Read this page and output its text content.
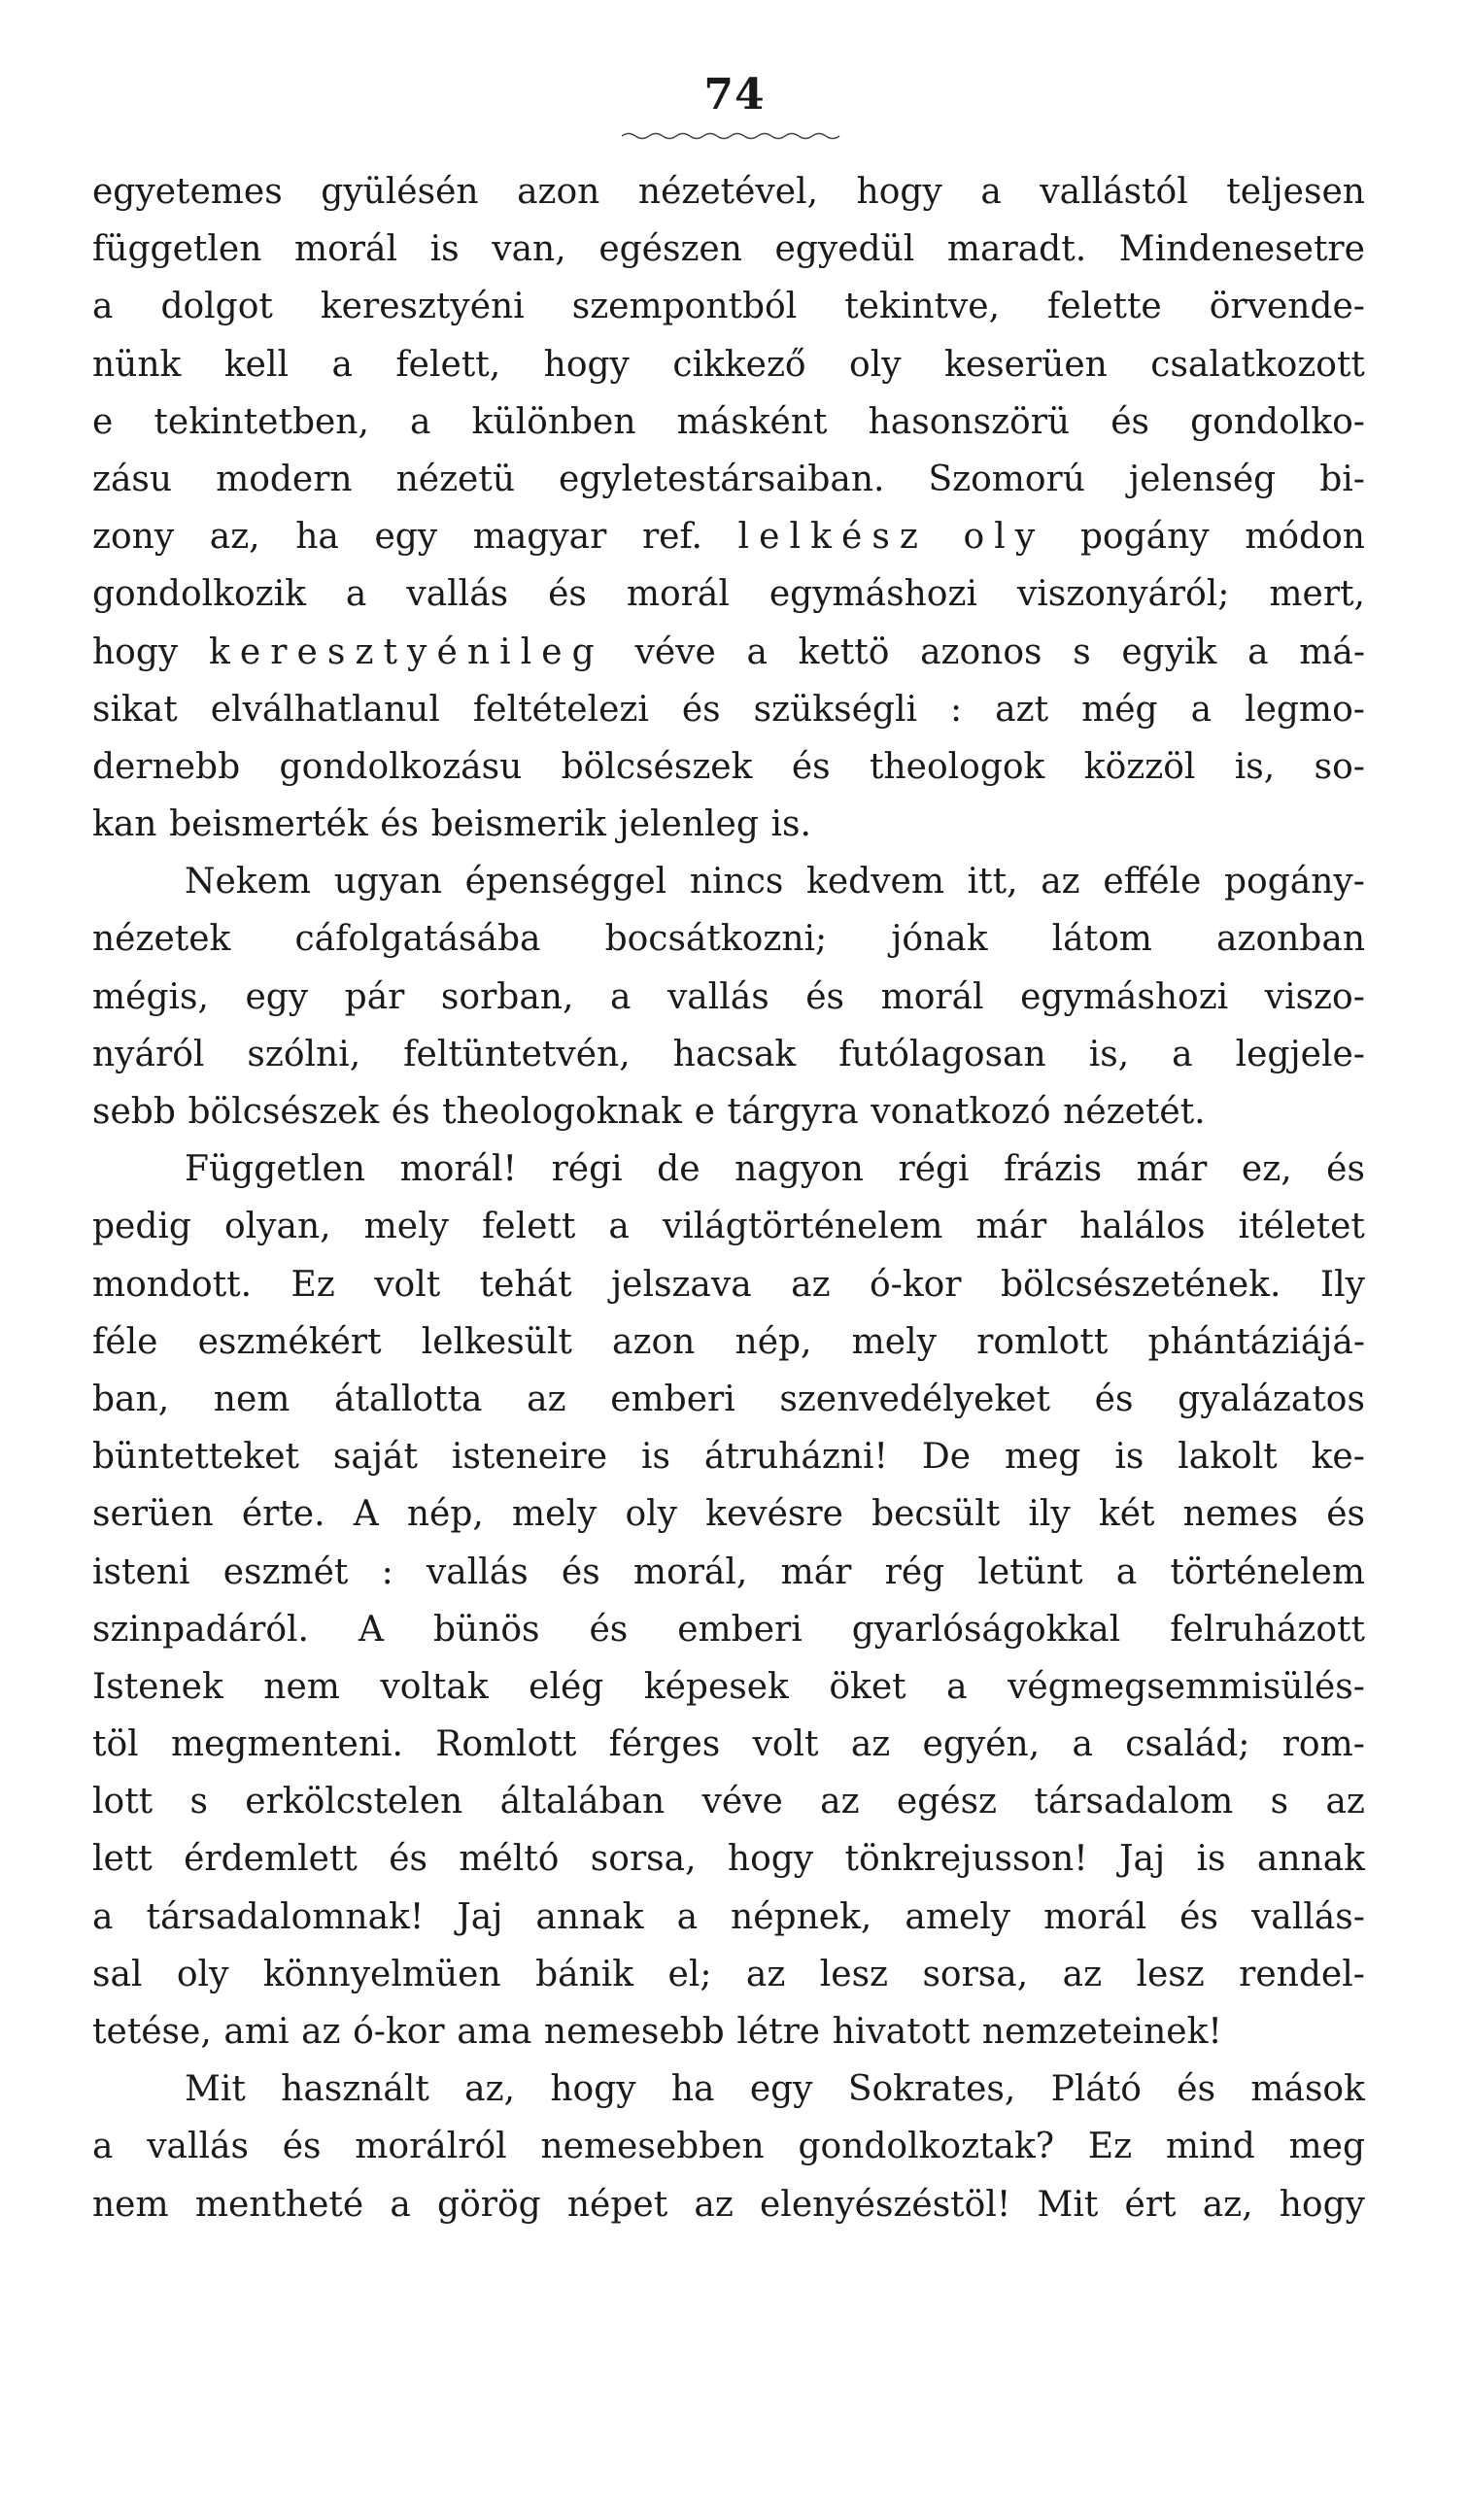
74
egyetemes gyülésén azon nézetével, hogy a vallástól teljesen
független morál is van, egészen egyedül maradt. Mindenesetre
a dolgot keresztyéni szempontból tekintve, felette örvende-
nünk kell a felett, hogy cikkező oly keserüen csalatkozott
e tekintetben, a különben másként hasonszörü és gondolko-
zásu modern nézetü egyletestársaiban. Szomorú jelenség bi-
zony az, ha egy magyar ref. lelkész oly pogány módon
gondolkozik a vallás és morál egymáshozi viszonyáról; mert,
hogy keresztyénileg véve a kettö azonos s egyik a má-
sikat elválhatlanul feltételezi és szükségli : azt még a legmo-
dernebb gondolkozásu bölcsészek és theologok közzöl is, so-
kan beismerték és beismerik jelenleg is.
Nekem ugyan épenséggel nincs kedvem itt, az efféle pogány-
nézetek cáfolgatásába bocsátkozni; jónak látom azonban
mégis, egy pár sorban, a vallás és morál egymáshozi viszo-
nyáról szólni, feltüntetvén, hacsak futólagosan is, a legjele-
sebb bölcsészek és theologoknak e tárgyra vonatkozó nézetét.
Független morál! régi de nagyon régi frázis már ez, és
pedig olyan, mely felett a világtörténelem már halálos itéletet
mondott. Ez volt tehát jelszava az ó-kor bölcsészetének. Ily
féle eszmékért lelkesült azon nép, mely romlott phántáziájá-
ban, nem átallotta az emberi szenvedélyeket és gyalázatos
büntetteket saját isteneire is átruházni! De meg is lakolt ke-
serüen érte. A nép, mely oly kevésre becsült ily két nemes és
isteni eszmét : vallás és morál, már rég letünt a történelem
szinpadáról. A bünös és emberi gyarlóságokkal felruházott
Istenek nem voltak elég képesek öket a végmegsemmisülés-
töl megmenteni. Romlott férges volt az egyén, a család; rom-
lott s erkölcstelen általában véve az egész társadalom s az
lett érdemlett és méltó sorsa, hogy tönkrejusson! Jaj is annak
a társadalomnak! Jaj annak a népnek, amely morál és vallás-
sal oly könnyelmüen bánik el; az lesz sorsa, az lesz rendel-
tetése, ami az ó-kor ama nemesebb létre hivatott nemzeteinek!
Mit használt az, hogy ha egy Sokrates, Plátó és mások
a vallás és morálról nemesebben gondolkoztak? Ez mind meg
nem mentheté a görög népet az elenyészéstöl! Mit ért az, hogy
